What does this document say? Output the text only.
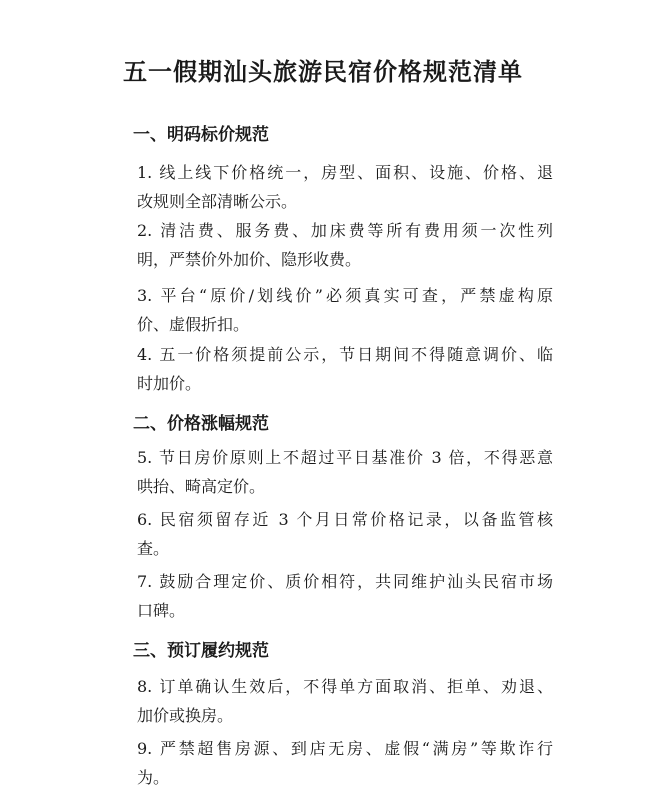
五一假期汕头旅游民宿价格规范清单
一、明码标价规范
1. 线上线下价格统一，房型、面积、设施、价格、退
改规则全部清晰公示。
2. 清洁费、服务费、加床费等所有费用须一次性列
明，严禁价外加价、隐形收费。
3. 平台“原价/划线价”必须真实可查，严禁虚构原
价、虚假折扣。
4. 五一价格须提前公示，节日期间不得随意调价、临
时加价。
二、价格涨幅规范
5. 节日房价原则上不超过平日基准价 3 倍，不得恶意
哄抬、畸高定价。
6. 民宿须留存近 3 个月日常价格记录，以备监管核
查。
7. 鼓励合理定价、质价相符，共同维护汕头民宿市场
口碑。
三、预订履约规范
8. 订单确认生效后，不得单方面取消、拒单、劝退、
加价或换房。
9. 严禁超售房源、到店无房、虚假“满房”等欺诈行
为。
